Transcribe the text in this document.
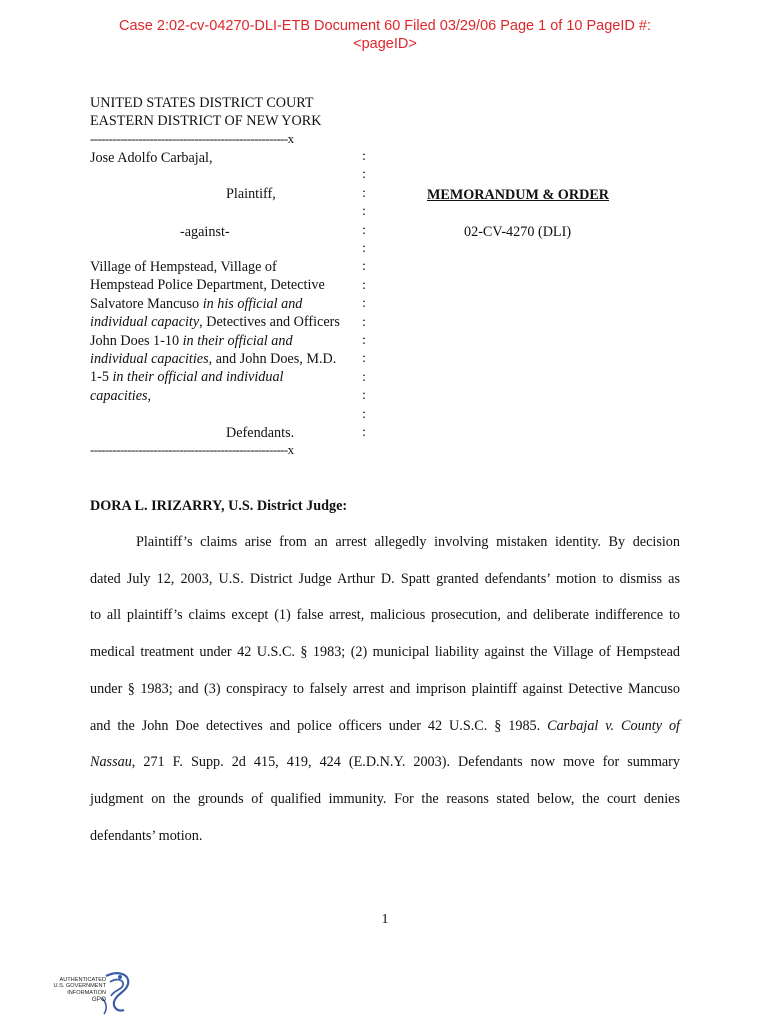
Case 2:02-cv-04270-DLI-ETB Document 60 Filed 03/29/06 Page 1 of 10 PageID #:
<pageID>
UNITED STATES DISTRICT COURT
EASTERN DISTRICT OF NEW YORK
-----------------------------------------------------x
Jose Adolfo Carbajal,
Plaintiff,
-against-
Village of Hempstead, Village of
Hempstead Police Department, Detective
Salvatore Mancuso in his official and
individual capacity, Detectives and Officers
John Does 1-10 in their official and
individual capacities, and John Does, M.D.
1-5 in their official and individual
capacities,
Defendants.
:
:
:
:
:
:
:
:
:
:
:
:
:
:
:
:
-----------------------------------------------------x
MEMORANDUM & ORDER
02-CV-4270 (DLI)
DORA L. IRIZARRY, U.S. District Judge:
Plaintiff’s claims arise from an arrest allegedly involving mistaken identity. By decision
dated July 12, 2003, U.S. District Judge Arthur D. Spatt granted defendants’ motion to dismiss as
to all plaintiff’s claims except (1) false arrest, malicious prosecution, and deliberate indifference to
medical treatment under 42 U.S.C. § 1983; (2) municipal liability against the Village of Hempstead
under § 1983; and (3) conspiracy to falsely arrest and imprison plaintiff against Detective Mancuso
and the John Doe detectives and police officers under 42 U.S.C. § 1985. Carbajal v. County of
Nassau, 271 F. Supp. 2d 415, 419, 424 (E.D.N.Y. 2003). Defendants now move for summary
judgment on the grounds of qualified immunity. For the reasons stated below, the court denies
defendants’ motion.
1
AUTHENTICATED
U.S. GOVERNMENT
INFORMATION
GPO
